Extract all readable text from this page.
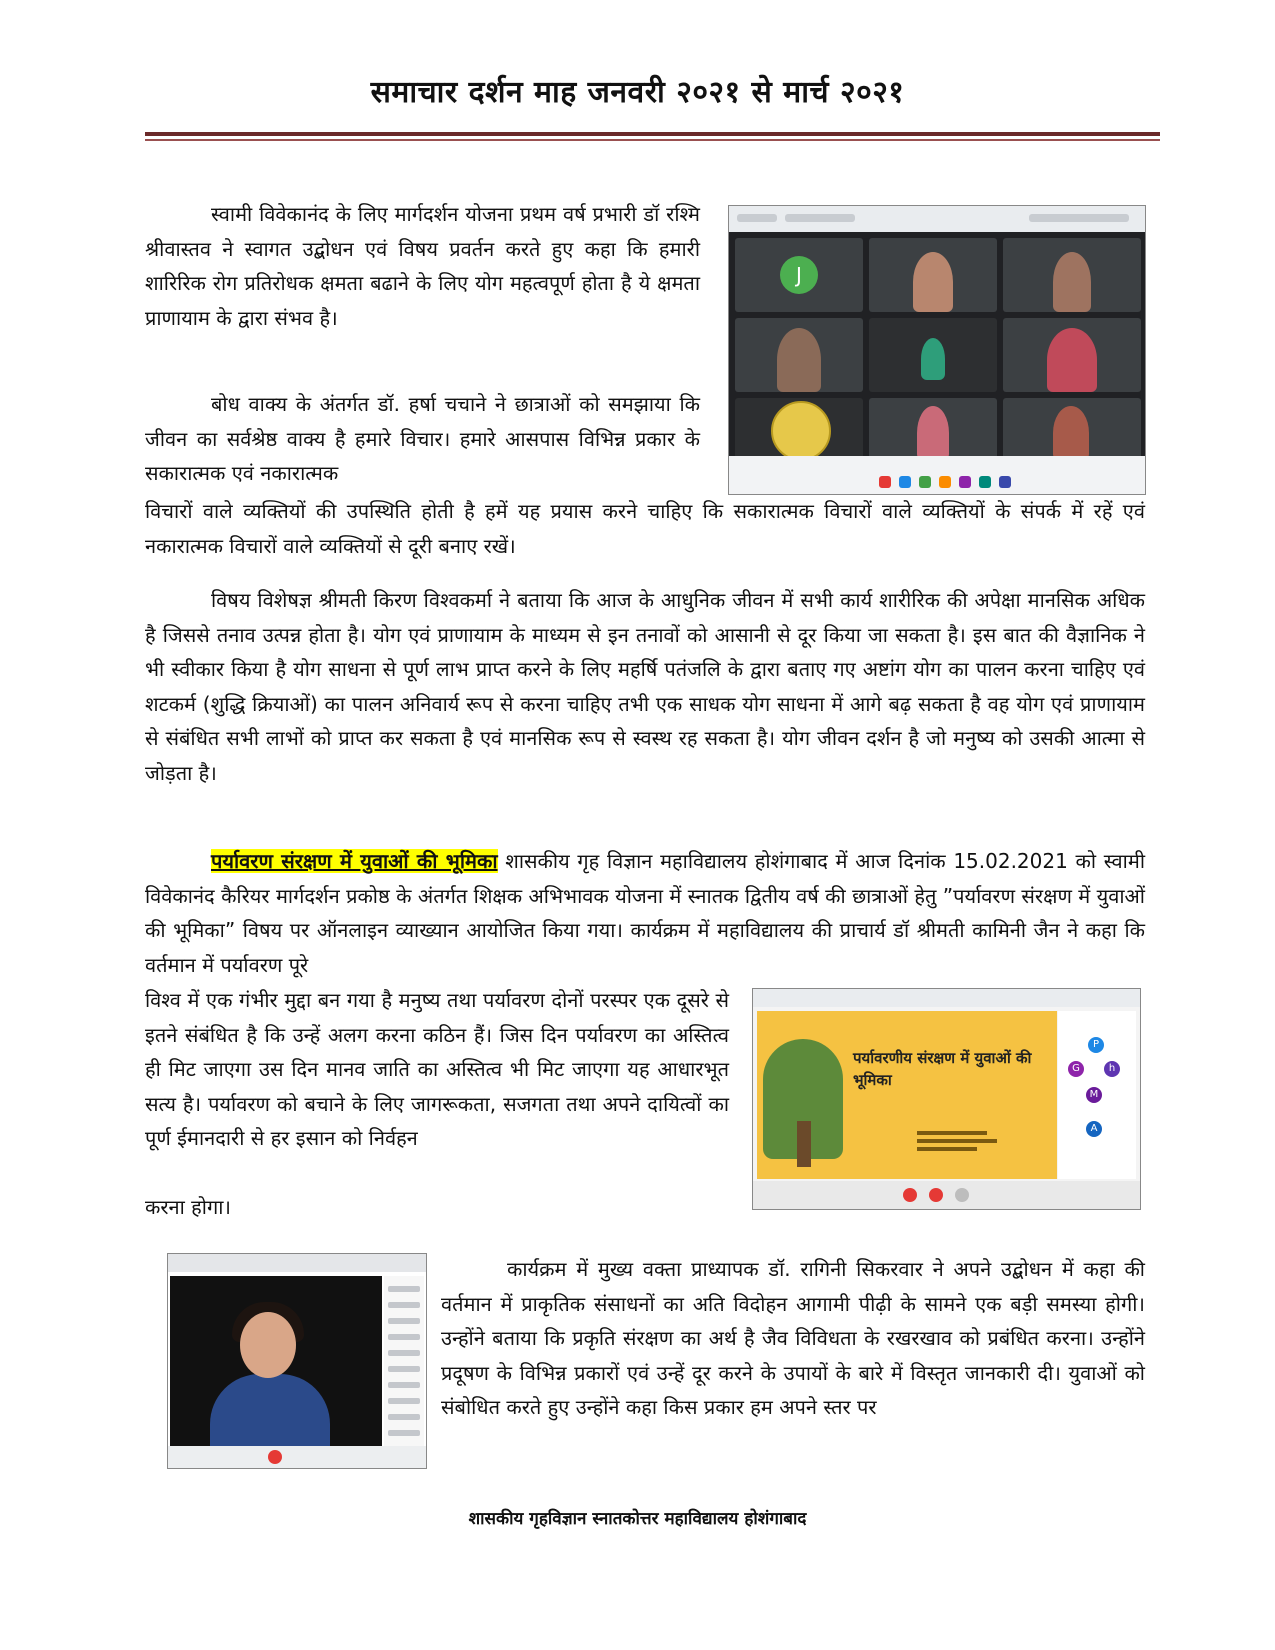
समाचार दर्शन माह जनवरी २०२१ से मार्च २०२१

स्वामी विवेकानंद के लिए मार्गदर्शन योजना प्रथम वर्ष प्रभारी डॉ रश्मि श्रीवास्तव ने स्वागत उद्बोधन एवं विषय प्रवर्तन करते हुए कहा कि हमारी शारिरिक रोग प्रतिरोधक क्षमता बढाने के लिए योग महत्वपूर्ण होता है ये क्षमता प्राणायाम के द्वारा संभव है।

J

बोध वाक्य के अंतर्गत डॉ. हर्षा चचाने ने छात्राओं को समझाया कि जीवन का सर्वश्रेष्ठ वाक्य है हमारे विचार। हमारे आसपास विभिन्न प्रकार के सकारात्मक एवं नकारात्मक

विचारों वाले व्यक्तियों की उपस्थिति होती है हमें यह प्रयास करने चाहिए कि सकारात्मक विचारों वाले व्यक्तियों के संपर्क में रहें एवं नकारात्मक विचारों वाले व्यक्तियों से दूरी बनाए रखें।

विषय विशेषज्ञ श्रीमती किरण विश्वकर्मा ने बताया कि आज के आधुनिक जीवन में सभी कार्य शारीरिक की अपेक्षा मानसिक अधिक है जिससे तनाव उत्पन्न होता है। योग एवं प्राणायाम के माध्यम से इन तनावों को आसानी से दूर किया जा सकता है। इस बात की वैज्ञानिक ने भी स्वीकार किया है योग साधना से पूर्ण लाभ प्राप्त करने के लिए महर्षि पतंजलि के द्वारा बताए गए अष्टांग योग का पालन करना चाहिए एवं शटकर्म (शुद्धि क्रियाओं) का पालन अनिवार्य रूप से करना चाहिए तभी एक साधक योग साधना में आगे बढ़ सकता है वह योग एवं प्राणायाम से संबंधित सभी लाभों को प्राप्त कर सकता है एवं मानसिक रूप से स्वस्थ रह सकता है। योग जीवन दर्शन है जो मनुष्य को उसकी आत्मा से जोड़ता है।

पर्यावरण संरक्षण में युवाओं की भूमिका शासकीय गृह विज्ञान महाविद्यालय होशंगाबाद में आज दिनांक 15.02.2021 को स्वामी विवेकानंद कैरियर मार्गदर्शन प्रकोष्ठ के अंतर्गत शिक्षक अभिभावक योजना में स्नातक द्वितीय वर्ष की छात्राओं हेतु ”पर्यावरण संरक्षण में युवाओं की भूमिका” विषय पर ऑनलाइन व्याख्यान आयोजित किया गया। कार्यक्रम में महाविद्यालय की प्राचार्य डॉ श्रीमती कामिनी जैन ने कहा कि वर्तमान में पर्यावरण पूरे

विश्व में एक गंभीर मुद्दा बन गया है मनुष्य तथा पर्यावरण दोनों परस्पर एक दूसरे से इतने संबंधित है कि उन्हें अलग करना कठिन हैं। जिस दिन पर्यावरण का अस्तित्व ही मिट जाएगा उस दिन मानव जाति का अस्तित्व भी मिट जाएगा यह आधारभूत सत्य है। पर्यावरण को बचाने के लिए जागरूकता, सजगता तथा अपने दायित्वों का पूर्ण ईमानदारी से हर इसान को निर्वहन

करना होगा।

पर्यावरणीय संरक्षण में युवाओं की भूमिका
P
G	h
M
A

कार्यक्रम में मुख्य वक्ता प्राध्यापक डॉ. रागिनी सिकरवार ने अपने उद्बोधन में कहा की वर्तमान में प्राकृतिक संसाधनों का अति विदोहन आगामी पीढ़ी के सामने एक बड़ी समस्या होगी। उन्होंने बताया कि प्रकृति संरक्षण का अर्थ है जैव विविधता के रखरखाव को प्रबंधित करना। उन्होंने प्रदूषण के विभिन्न प्रकारों एवं उन्हें दूर करने के उपायों के बारे में विस्तृत जानकारी दी। युवाओं को संबोधित करते हुए उन्होंने कहा किस प्रकार हम अपने स्तर पर

शासकीय गृहविज्ञान स्नातकोत्तर महाविद्यालय होशंगाबाद
